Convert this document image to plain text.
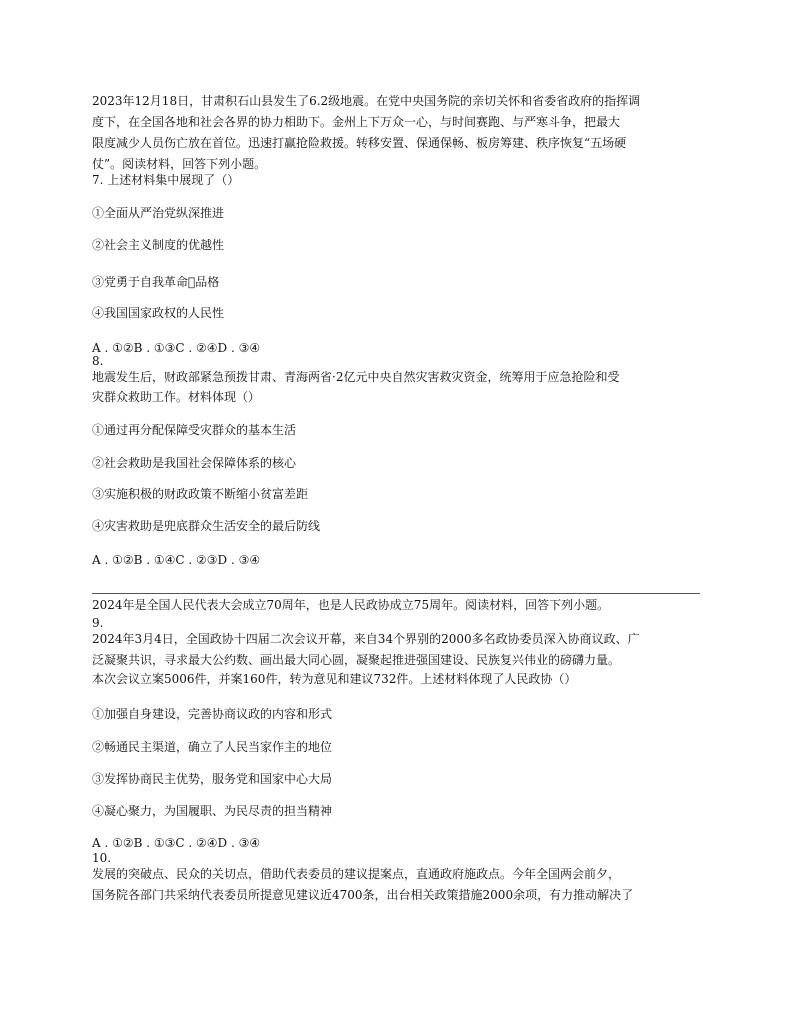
2023年12月18日，甘肃积石山县发生了6.2级地震。在党中央国务院的亲切关怀和省委省政府的指挥调
度下，在全国各地和社会各界的协力相助下。金州上下万众一心，与时间赛跑、与严寒斗争，把最大
限度减少人员伤亡放在首位。迅速打赢抢险救援。转移安置、保通保畅、板房筹建、秩序恢复“五场硬
仗”。阅读材料，回答下列小题。
7. 上述材料集中展现了（）
①全面从严治党纵深推进
②社会主义制度的优越性
③党勇于自我革命 品格
④我国国家政权的人民性
A . ①②B . ①③C . ②④D . ③④
8.
地震发生后，财政部紧急预拨甘肃、青海两省·2亿元中央自然灾害救灾资金，统筹用于应急抢险和受
灾群众救助工作。材料体现（）
①通过再分配保障受灾群众的基本生活
②社会救助是我国社会保障体系的核心
③实施积极的财政政策不断缩小贫富差距
④灾害救助是兜底群众生活安全的最后防线
A . ①②B . ①④C . ②③D . ③④
2024年是全国人民代表大会成立70周年，也是人民政协成立75周年。阅读材料，回答下列小题。
9.
2024年3月4日，全国政协十四届二次会议开幕，来自34个界别的2000多名政协委员深入协商议政、广
泛凝聚共识，寻求最大公约数、画出最大同心圆，凝聚起推进强国建设、民族复兴伟业的磅礴力量。
本次会议立案5006件，并案160件，转为意见和建议732件。上述材料体现了人民政协（）
①加强自身建设，完善协商议政的内容和形式
②畅通民主渠道，确立了人民当家作主的地位
③发挥协商民主优势，服务党和国家中心大局
④凝心聚力，为国履职、为民尽责的担当精神
A . ①②B . ①③C . ②④D . ③④
10.
发展的突破点、民众的关切点，借助代表委员的建议提案点，直通政府施政点。今年全国两会前夕，
国务院各部门共采纳代表委员所提意见建议近4700条，出台相关政策措施2000余项，有力推动解决了
